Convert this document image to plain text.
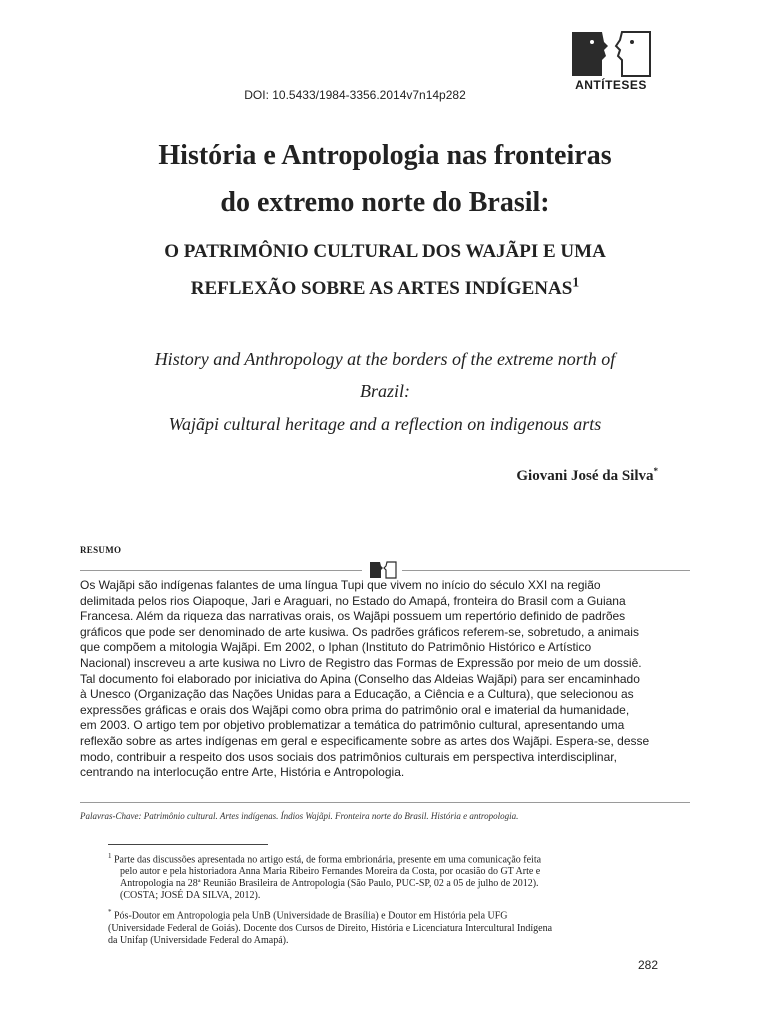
ANTÍTESES
DOI: 10.5433/1984-3356.2014v7n14p282
História e Antropologia nas fronteiras
do extremo norte do Brasil:
O PATRIMÔNIO CULTURAL DOS WAJÃPI E UMA
REFLEXÃO SOBRE AS ARTES INDÍGENAS$^1$
History and Anthropology at the borders of the extreme north of
Brazil:
Wajãpi cultural heritage and a reflection on indigenous arts
Giovani José da Silva*
RESUMO
Os Wajãpi são indígenas falantes de uma língua Tupi que vivem no início do século XXI na região
delimitada pelos rios Oiapoque, Jari e Araguari, no Estado do Amapá, fronteira do Brasil com a Guiana
Francesa. Além da riqueza das narrativas orais, os Wajãpi possuem um repertório definido de padrões
gráficos que pode ser denominado de arte kusiwa. Os padrões gráficos referem-se, sobretudo, a animais
que compõem a mitologia Wajãpi. Em 2002, o Iphan (Instituto do Patrimônio Histórico e Artístico
Nacional) inscreveu a arte kusiwa no Livro de Registro das Formas de Expressão por meio de um dossiê.
Tal documento foi elaborado por iniciativa do Apina (Conselho das Aldeias Wajãpi) para ser encaminhado
à Unesco (Organização das Nações Unidas para a Educação, a Ciência e a Cultura), que selecionou as
expressões gráficas e orais dos Wajãpi como obra prima do patrimônio oral e imaterial da humanidade,
em 2003. O artigo tem por objetivo problematizar a temática do patrimônio cultural, apresentando uma
reflexão sobre as artes indígenas em geral e especificamente sobre as artes dos Wajãpi. Espera-se, desse
modo, contribuir a respeito dos usos sociais dos patrimônios culturais em perspectiva interdisciplinar,
centrando na interlocução entre Arte, História e Antropologia.
Palavras-Chave: Patrimônio cultural. Artes indígenas. Índios Wajãpi. Fronteira norte do Brasil. História e antropologia.
$^1$ Parte das discussões apresentada no artigo está, de forma embrionária, presente em uma comunicação feita
pelo autor e pela historiadora Anna Maria Ribeiro Fernandes Moreira da Costa, por ocasião do GT Arte e
Antropologia na 28ª Reunião Brasileira de Antropologia (São Paulo, PUC-SP, 02 a 05 de julho de 2012).
(COSTA; JOSÉ DA SILVA, 2012).
* Pós-Doutor em Antropologia pela UnB (Universidade de Brasília) e Doutor em História pela UFG
(Universidade Federal de Goiás). Docente dos Cursos de Direito, História e Licenciatura Intercultural Indígena
da Unifap (Universidade Federal do Amapá).
282
